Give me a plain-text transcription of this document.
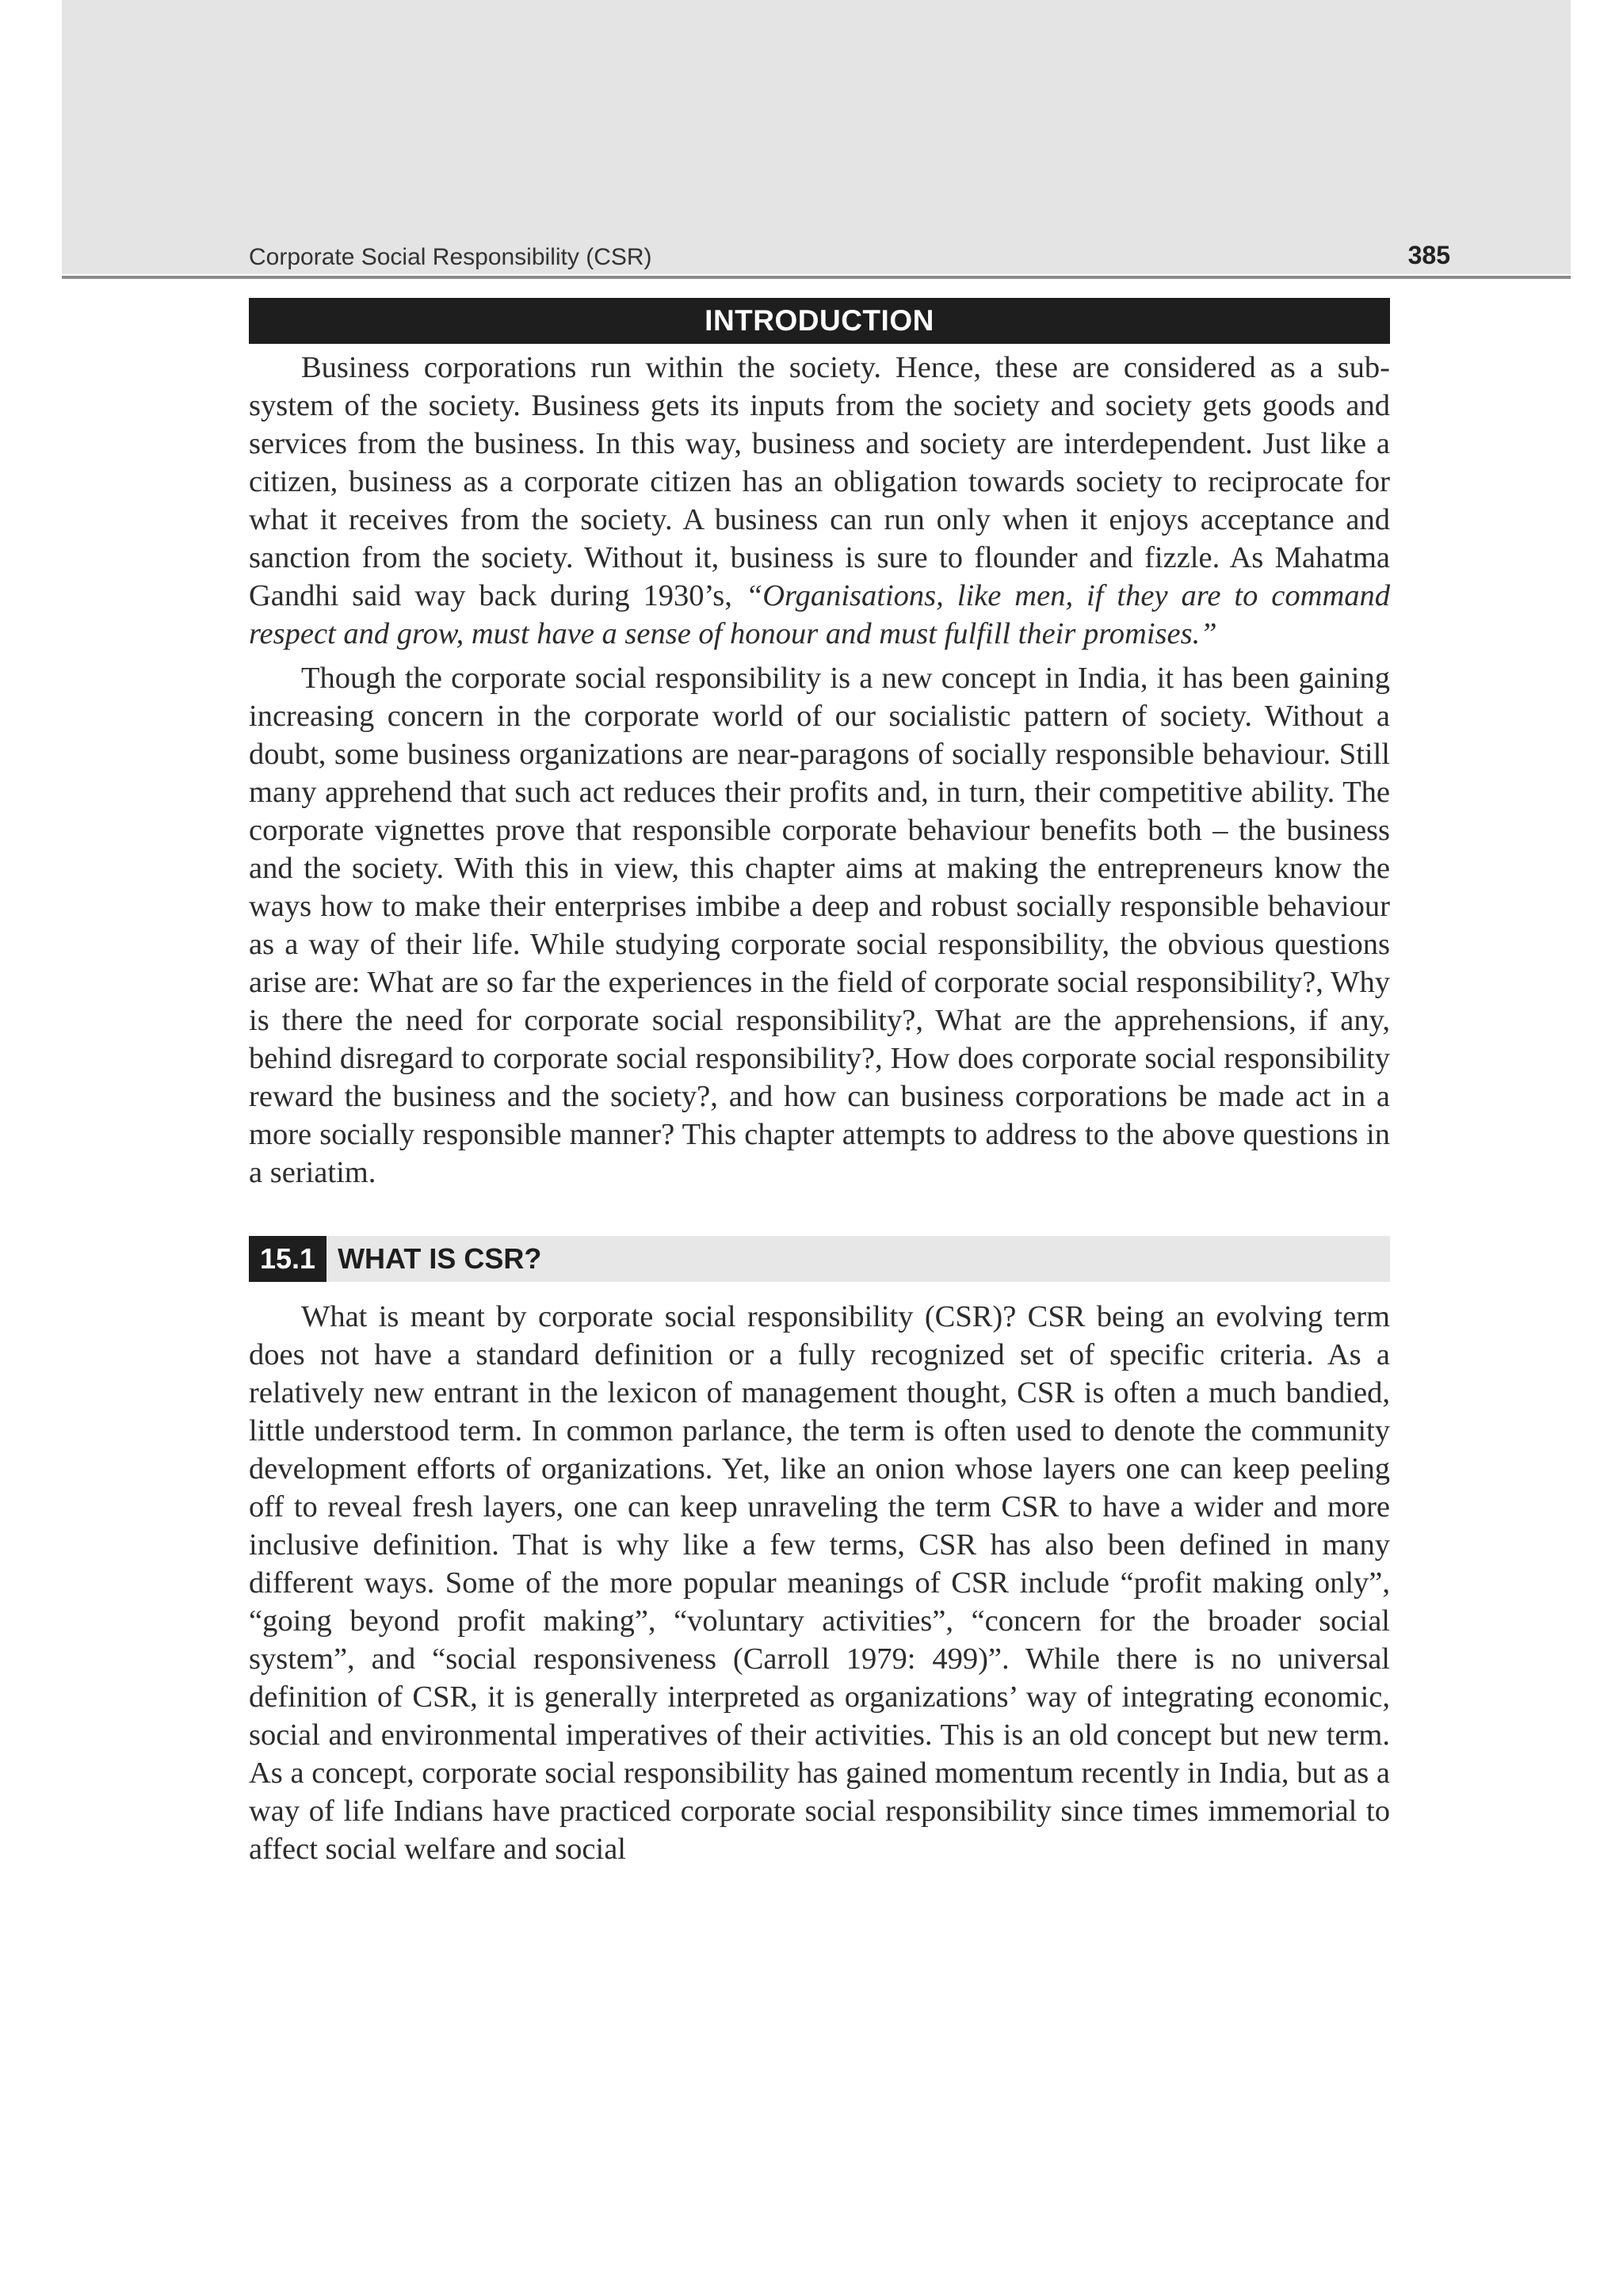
Corporate Social Responsibility (CSR)	385
INTRODUCTION

Business corporations run within the society. Hence, these are considered as a sub-system of the society. Business gets its inputs from the society and society gets goods and services from the business. In this way, business and society are interdependent. Just like a citizen, business as a corporate citizen has an obligation towards society to reciprocate for what it receives from the society. A business can run only when it enjoys acceptance and sanction from the society. Without it, business is sure to flounder and fizzle. As Mahatma Gandhi said way back during 1930’s, “Organisations, like men, if they are to command respect and grow, must have a sense of honour and must fulfill their promises.”

Though the corporate social responsibility is a new concept in India, it has been gaining increasing concern in the corporate world of our socialistic pattern of society. Without a doubt, some business organizations are near-paragons of socially responsible behaviour. Still many apprehend that such act reduces their profits and, in turn, their competitive ability. The corporate vignettes prove that responsible corporate behaviour benefits both – the business and the society. With this in view, this chapter aims at making the entrepreneurs know the ways how to make their enterprises imbibe a deep and robust socially responsible behaviour as a way of their life. While studying corporate social responsibility, the obvious questions arise are: What are so far the experiences in the field of corporate social responsibility?, Why is there the need for corporate social responsibility?, What are the apprehensions, if any, behind disregard to corporate social responsibility?, How does corporate social responsibility reward the business and the society?, and how can business corporations be made act in a more socially responsible manner? This chapter attempts to address to the above questions in a seriatim.

15.1 WHAT IS CSR?

What is meant by corporate social responsibility (CSR)? CSR being an evolving term does not have a standard definition or a fully recognized set of specific criteria. As a relatively new entrant in the lexicon of management thought, CSR is often a much bandied, little understood term. In common parlance, the term is often used to denote the community development efforts of organizations. Yet, like an onion whose layers one can keep peeling off to reveal fresh layers, one can keep unraveling the term CSR to have a wider and more inclusive definition. That is why like a few terms, CSR has also been defined in many different ways. Some of the more popular meanings of CSR include “profit making only”, “going beyond profit making”, “voluntary activities”, “concern for the broader social system”, and “social responsiveness (Carroll 1979: 499)”. While there is no universal definition of CSR, it is generally interpreted as organizations’ way of integrating economic, social and environmental imperatives of their activities. This is an old concept but new term. As a concept, corporate social responsibility has gained momentum recently in India, but as a way of life Indians have practiced corporate social responsibility since times immemorial to affect social welfare and social
